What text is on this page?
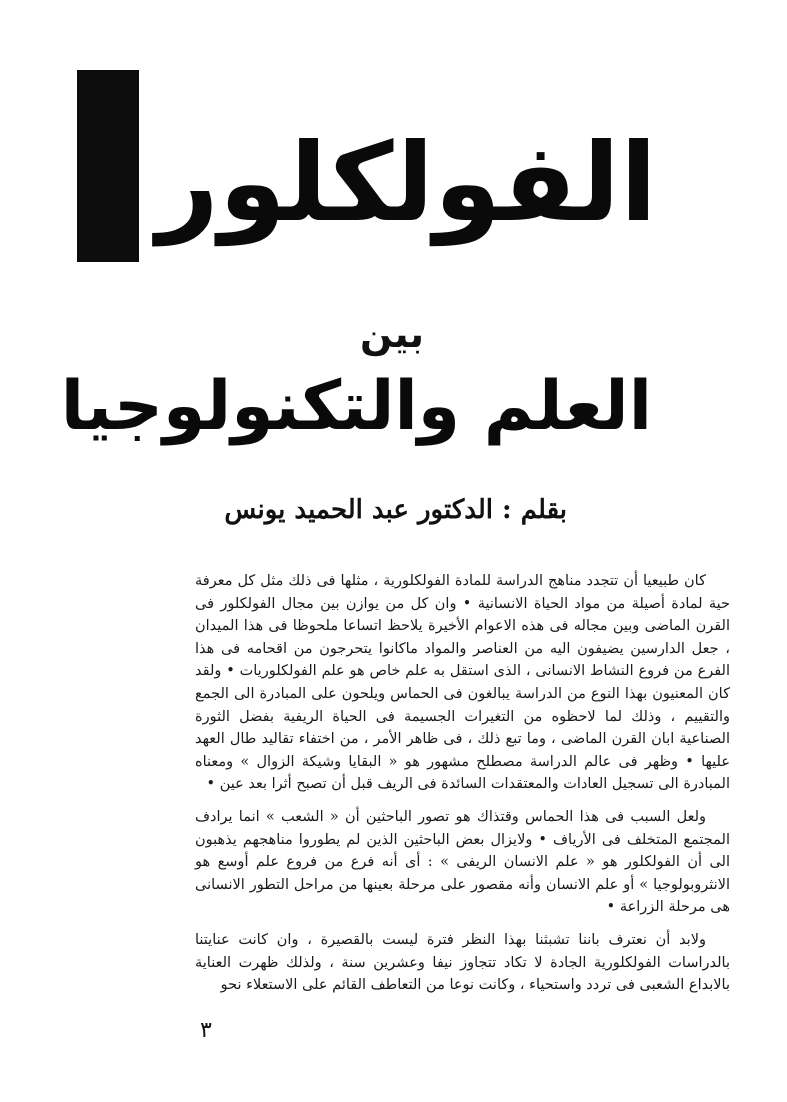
الفولكلور
بين
العلم والتكنولوجيا
بقلم : الدكتور عبد الحميد يونس

كان طبيعيا أن تتجدد مناهج الدراسة للمادة الفولكلورية ، مثلها فى ذلك مثل كل معرفة حية لمادة أصيلة من مواد الحياة الانسانية • وان كل من يوازن بين مجال الفولكلور فى القرن الماضى وبين مجاله فى هذه الاعوام الأخيرة يلاحظ اتساعا ملحوظا فى هذا الميدان ، جعل الدارسين يضيفون اليه من العناصر والمواد ماكانوا يتحرجون من اقحامه فى هذا الفرع من فروع النشاط الانسانى ، الذى استقل به علم خاص هو علم الفولكلوريات • ولقد كان المعنيون بهذا النوع من الدراسة يبالغون فى الحماس ويلحون على المبادرة الى الجمع والتقييم ، وذلك لما لاحظوه من التغيرات الجسيمة فى الحياة الريفية بفضل الثورة الصناعية ابان القرن الماضى ، وما تبع ذلك ، فى ظاهر الأمر ، من اختفاء تقاليد طال العهد عليها • وظهر فى عالم الدراسة مصطلح مشهور هو « البقايا وشيكة الزوال » ومعناه المبادرة الى تسجيل العادات والمعتقدات السائدة فى الريف قبل أن تصبح أثرا بعد عين •

ولعل السبب فى هذا الحماس وقتذاك هو تصور الباحثين أن « الشعب » انما يرادف المجتمع المتخلف فى الأرياف • ولايزال بعض الباحثين الذين لم يطوروا مناهجهم يذهبون الى أن الفولكلور هو « علم الانسان الريفى » : أى أنه فرع من فروع علم أوسع هو الانثروبولوجيا » أو علم الانسان وأنه مقصور على مرحلة بعينها من مراحل التطور الانسانى هى مرحلة الزراعة •

ولابد أن نعترف باننا تشبثنا بهذا النظر فترة ليست بالقصيرة ، وان كانت عنايتنا بالدراسات الفولكلورية الجادة لا تكاد تتجاوز نيفا وعشرين سنة ، ولذلك ظهرت العناية بالابداع الشعبى فى تردد واستحياء ، وكانت نوعا من التعاطف القائم على الاستعلاء نحو

٣
